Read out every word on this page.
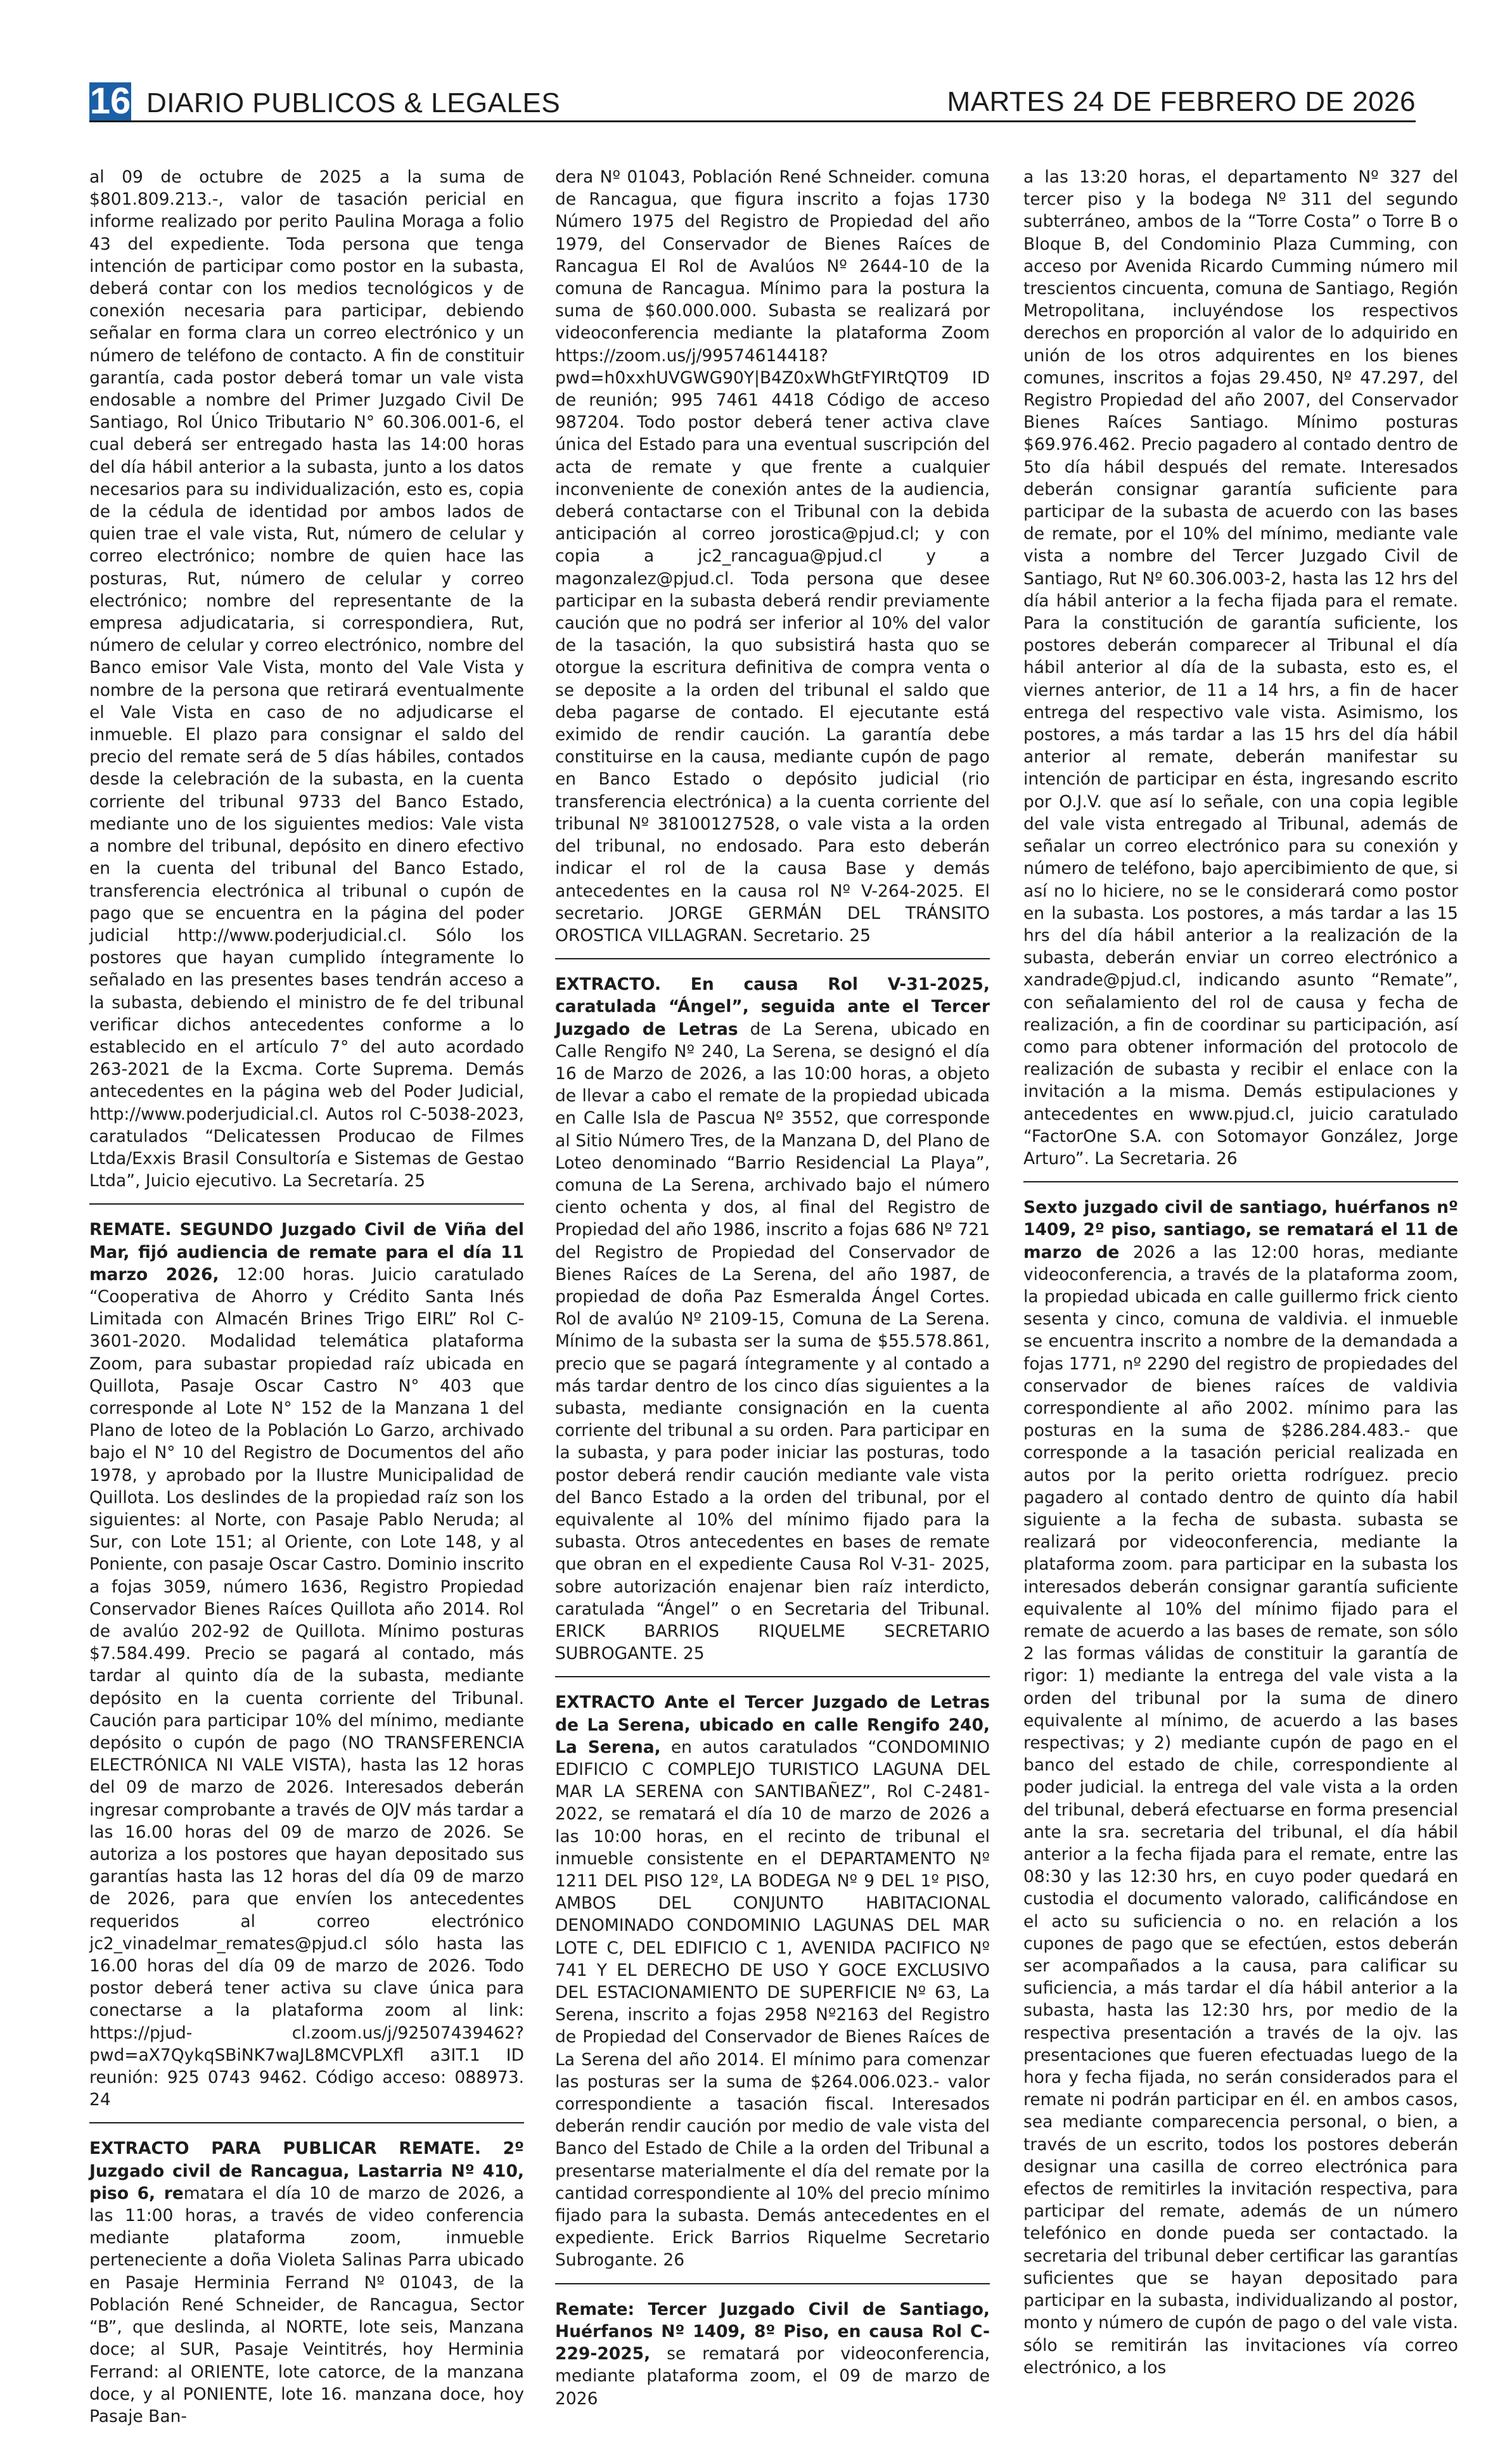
16 DIARIO PUBLICOS & LEGALES	MARTES 24 DE FEBRERO DE 2026

al 09 de octubre de 2025 a la suma de $801.809.213.-, valor de tasación pericial en informe realizado por perito Paulina Moraga a folio 43 del expediente. Toda persona que tenga intención de participar como postor en la subasta, deberá contar con los medios tecnológicos y de conexión necesaria para participar, debiendo señalar en forma clara un correo electrónico y un número de teléfono de contacto. A fin de constituir garantía, cada postor deberá tomar un vale vista endosable a nombre del Primer Juzgado Civil De Santiago, Rol Único Tributario N° 60.306.001-6, el cual deberá ser entregado hasta las 14:00 horas del día hábil anterior a la subasta, junto a los datos necesarios para su individualización, esto es, copia de la cédula de identidad por ambos lados de quien trae el vale vista, Rut, número de celular y correo electrónico; nombre de quien hace las posturas, Rut, número de celular y correo electrónico; nombre del representante de la empresa adjudicataria, si correspondiera, Rut, número de celular y correo electrónico, nombre del Banco emisor Vale Vista, monto del Vale Vista y nombre de la persona que retirará eventualmente el Vale Vista en caso de no adjudicarse el inmueble. El plazo para consignar el saldo del precio del remate será de 5 días hábiles, contados desde la celebración de la subasta, en la cuenta corriente del tribunal 9733 del Banco Estado, mediante uno de los siguientes medios: Vale vista a nombre del tribunal, depósito en dinero efectivo en la cuenta del tribunal del Banco Estado, transferencia electrónica al tribunal o cupón de pago que se encuentra en la página del poder judicial http://www.poderjudicial.cl. Sólo los postores que hayan cumplido íntegramente lo señalado en las presentes bases tendrán acceso a la subasta, debiendo el ministro de fe del tribunal verificar dichos antecedentes conforme a lo establecido en el artículo 7° del auto acordado 263-2021 de la Excma. Corte Suprema. Demás antecedentes en la página web del Poder Judicial, http://www.poderjudicial.cl. Autos rol C-5038-2023, caratulados “Delicatessen Producao de Filmes Ltda/Exxis Brasil Consultoría e Sistemas de Gestao Ltda”, Juicio ejecutivo. La Secretaría. 25

REMATE. SEGUNDO Juzgado Civil de Viña del Mar, fijó audiencia de remate para el día 11 marzo 2026, 12:00 horas. Juicio caratulado “Cooperativa de Ahorro y Crédito Santa Inés Limitada con Almacén Brines Trigo EIRL” Rol C-3601-2020. Modalidad telemática plataforma Zoom, para subastar propiedad raíz ubicada en Quillota, Pasaje Oscar Castro N° 403 que corresponde al Lote N° 152 de la Manzana 1 del Plano de loteo de la Población Lo Garzo, archivado bajo el N° 10 del Registro de Documentos del año 1978, y aprobado por la Ilustre Municipalidad de Quillota. Los deslindes de la propiedad raíz son los siguientes: al Norte, con Pasaje Pablo Neruda; al Sur, con Lote 151; al Oriente, con Lote 148, y al Poniente, con pasaje Oscar Castro. Dominio inscrito a fojas 3059, número 1636, Registro Propiedad Conservador Bienes Raíces Quillota año 2014. Rol de avalúo 202-92 de Quillota. Mínimo posturas $7.584.499. Precio se pagará al contado, más tardar al quinto día de la subasta, mediante depósito en la cuenta corriente del Tribunal. Caución para participar 10% del mínimo, mediante depósito o cupón de pago (NO TRANSFERENCIA ELECTRÓNICA NI VALE VISTA), hasta las 12 horas del 09 de marzo de 2026. Interesados deberán ingresar comprobante a través de OJV más tardar a las 16.00 horas del 09 de marzo de 2026. Se autoriza a los postores que hayan depositado sus garantías hasta las 12 horas del día 09 de marzo de 2026, para que envíen los antecedentes requeridos al correo electrónico jc2_vinadelmar_remates@pjud.cl sólo hasta las 16.00 horas del día 09 de marzo de 2026. Todo postor deberá tener activa su clave única para conectarse a la plataforma zoom al link: https://pjud- cl.zoom.us/j/92507439462?pwd=aX7QykqSBiNK7waJL8MCVPLXfl a3IT.1 ID reunión: 925 0743 9462. Código acceso: 088973. 24

EXTRACTO PARA PUBLICAR REMATE. 2º Juzgado civil de Rancagua, Lastarria Nº 410, piso 6, rematara el día 10 de marzo de 2026, a las 11:00 horas, a través de video conferencia mediante plataforma zoom, inmueble perteneciente a doña Violeta Salinas Parra ubicado en Pasaje Herminia Ferrand Nº 01043, de la Población René Schneider, de Rancagua, Sector “B”, que deslinda, al NORTE, lote seis, Manzana doce; al SUR, Pasaje Veintitrés, hoy Herminia Ferrand: al ORIENTE, lote catorce, de la manzana doce, y al PONIENTE, lote 16. manzana doce, hoy Pasaje Ban-

dera Nº 01043, Población René Schneider. comuna de Rancagua, que figura inscrito a fojas 1730 Número 1975 del Registro de Propiedad del año 1979, del Conservador de Bienes Raíces de Rancagua El Rol de Avalúos Nº 2644-10 de la comuna de Rancagua. Mínimo para la postura la suma de $60.000.000. Subasta se realizará por videoconferencia mediante la plataforma Zoom https://zoom.us/j/99574614418?pwd=h0xxhUVGWG90Y|B4Z0xWhGtFYIRtQT09 ID de reunión; 995 7461 4418 Código de acceso 987204. Todo postor deberá tener activa clave única del Estado para una eventual suscripción del acta de remate y que frente a cualquier inconveniente de conexión antes de la audiencia, deberá contactarse con el Tribunal con la debida anticipación al correo jorostica@pjud.cl; y con copia a jc2_rancagua@pjud.cl y a magonzalez@pjud.cl. Toda persona que desee participar en la subasta deberá rendir previamente caución que no podrá ser inferior al 10% del valor de la tasación, la quo subsistirá hasta quo se otorgue la escritura definitiva de compra venta o se deposite a la orden del tribunal el saldo que deba pagarse de contado. El ejecutante está eximido de rendir caución. La garantía debe constituirse en la causa, mediante cupón de pago en Banco Estado o depósito judicial (rio transferencia electrónica) a la cuenta corriente del tribunal Nº 38100127528, o vale vista a la orden del tribunal, no endosado. Para esto deberán indicar el rol de la causa Base y demás antecedentes en la causa rol Nº V-264-2025. El secretario. JORGE GERMÁN DEL TRÁNSITO OROSTICA VILLAGRAN. Secretario. 25

EXTRACTO. En causa Rol V-31-2025, caratulada “Ángel”, seguida ante el Tercer Juzgado de Letras de La Serena, ubicado en Calle Rengifo Nº 240, La Serena, se designó el día 16 de Marzo de 2026, a las 10:00 horas, a objeto de llevar a cabo el remate de la propiedad ubicada en Calle Isla de Pascua Nº 3552, que corresponde al Sitio Número Tres, de la Manzana D, del Plano de Loteo denominado “Barrio Residencial La Playa”, comuna de La Serena, archivado bajo el número ciento ochenta y dos, al final del Registro de Propiedad del año 1986, inscrito a fojas 686 Nº 721 del Registro de Propiedad del Conservador de Bienes Raíces de La Serena, del año 1987, de propiedad de doña Paz Esmeralda Ángel Cortes. Rol de avalúo Nº 2109-15, Comuna de La Serena. Mínimo de la subasta ser la suma de $55.578.861, precio que se pagará íntegramente y al contado a más tardar dentro de los cinco días siguientes a la subasta, mediante consignación en la cuenta corriente del tribunal a su orden. Para participar en la subasta, y para poder iniciar las posturas, todo postor deberá rendir caución mediante vale vista del Banco Estado a la orden del tribunal, por el equivalente al 10% del mínimo fijado para la subasta. Otros antecedentes en bases de remate que obran en el expediente Causa Rol V-31- 2025, sobre autorización enajenar bien raíz interdicto, caratulada “Ángel” o en Secretaria del Tribunal. ERICK BARRIOS RIQUELME SECRETARIO SUBROGANTE. 25

EXTRACTO Ante el Tercer Juzgado de Letras de La Serena, ubicado en calle Rengifo 240, La Serena, en autos caratulados “CONDOMINIO EDIFICIO C COMPLEJO TURISTICO LAGUNA DEL MAR LA SERENA con SANTIBAÑEZ”, Rol C-2481-2022, se rematará el día 10 de marzo de 2026 a las 10:00 horas, en el recinto de tribunal el inmueble consistente en el DEPARTAMENTO Nº 1211 DEL PISO 12º, LA BODEGA Nº 9 DEL 1º PISO, AMBOS DEL CONJUNTO HABITACIONAL DENOMINADO CONDOMINIO LAGUNAS DEL MAR LOTE C, DEL EDIFICIO C 1, AVENIDA PACIFICO Nº 741 Y EL DERECHO DE USO Y GOCE EXCLUSIVO DEL ESTACIONAMIENTO DE SUPERFICIE Nº 63, La Serena, inscrito a fojas 2958 Nº2163 del Registro de Propiedad del Conservador de Bienes Raíces de La Serena del año 2014. El mínimo para comenzar las posturas ser la suma de $264.006.023.- valor correspondiente a tasación fiscal. Interesados deberán rendir caución por medio de vale vista del Banco del Estado de Chile a la orden del Tribunal a presentarse materialmente el día del remate por la cantidad correspondiente al 10% del precio mínimo fijado para la subasta. Demás antecedentes en el expediente. Erick Barrios Riquelme Secretario Subrogante. 26

Remate: Tercer Juzgado Civil de Santiago, Huérfanos Nº 1409, 8º Piso, en causa Rol C-229-2025, se rematará por videoconferencia, mediante plataforma zoom, el 09 de marzo de 2026

a las 13:20 horas, el departamento Nº 327 del tercer piso y la bodega Nº 311 del segundo subterráneo, ambos de la “Torre Costa” o Torre B o Bloque B, del Condominio Plaza Cumming, con acceso por Avenida Ricardo Cumming número mil trescientos cincuenta, comuna de Santiago, Región Metropolitana, incluyéndose los respectivos derechos en proporción al valor de lo adquirido en unión de los otros adquirentes en los bienes comunes, inscritos a fojas 29.450, Nº 47.297, del Registro Propiedad del año 2007, del Conservador Bienes Raíces Santiago. Mínimo posturas $69.976.462. Precio pagadero al contado dentro de 5to día hábil después del remate. Interesados deberán consignar garantía suficiente para participar de la subasta de acuerdo con las bases de remate, por el 10% del mínimo, mediante vale vista a nombre del Tercer Juzgado Civil de Santiago, Rut Nº 60.306.003-2, hasta las 12 hrs del día hábil anterior a la fecha fijada para el remate. Para la constitución de garantía suficiente, los postores deberán comparecer al Tribunal el día hábil anterior al día de la subasta, esto es, el viernes anterior, de 11 a 14 hrs, a fin de hacer entrega del respectivo vale vista. Asimismo, los postores, a más tardar a las 15 hrs del día hábil anterior al remate, deberán manifestar su intención de participar en ésta, ingresando escrito por O.J.V. que así lo señale, con una copia legible del vale vista entregado al Tribunal, además de señalar un correo electrónico para su conexión y número de teléfono, bajo apercibimiento de que, si así no lo hiciere, no se le considerará como postor en la subasta. Los postores, a más tardar a las 15 hrs del día hábil anterior a la realización de la subasta, deberán enviar un correo electrónico a xandrade@pjud.cl, indicando asunto “Remate”, con señalamiento del rol de causa y fecha de realización, a fin de coordinar su participación, así como para obtener información del protocolo de realización de subasta y recibir el enlace con la invitación a la misma. Demás estipulaciones y antecedentes en www.pjud.cl, juicio caratulado “FactorOne S.A. con Sotomayor González, Jorge Arturo”. La Secretaria. 26

Sexto juzgado civil de santiago, huérfanos nº 1409, 2º piso, santiago, se rematará el 11 de marzo de 2026 a las 12:00 horas, mediante videoconferencia, a través de la plataforma zoom, la propiedad ubicada en calle guillermo frick ciento sesenta y cinco, comuna de valdivia. el inmueble se encuentra inscrito a nombre de la demandada a fojas 1771, nº 2290 del registro de propiedades del conservador de bienes raíces de valdivia correspondiente al año 2002. mínimo para las posturas en la suma de $286.284.483.- que corresponde a la tasación pericial realizada en autos por la perito orietta rodríguez. precio pagadero al contado dentro de quinto día habil siguiente a la fecha de subasta. subasta se realizará por videoconferencia, mediante la plataforma zoom. para participar en la subasta los interesados deberán consignar garantía suficiente equivalente al 10% del mínimo fijado para el remate de acuerdo a las bases de remate, son sólo 2 las formas válidas de constituir la garantía de rigor: 1) mediante la entrega del vale vista a la orden del tribunal por la suma de dinero equivalente al mínimo, de acuerdo a las bases respectivas; y 2) mediante cupón de pago en el banco del estado de chile, correspondiente al poder judicial. la entrega del vale vista a la orden del tribunal, deberá efectuarse en forma presencial ante la sra. secretaria del tribunal, el día hábil anterior a la fecha fijada para el remate, entre las 08:30 y las 12:30 hrs, en cuyo poder quedará en custodia el documento valorado, calificándose en el acto su suficiencia o no. en relación a los cupones de pago que se efectúen, estos deberán ser acompañados a la causa, para calificar su suficiencia, a más tardar el día hábil anterior a la subasta, hasta las 12:30 hrs, por medio de la respectiva presentación a través de la ojv. las presentaciones que fueren efectuadas luego de la hora y fecha fijada, no serán considerados para el remate ni podrán participar en él. en ambos casos, sea mediante comparecencia personal, o bien, a través de un escrito, todos los postores deberán designar una casilla de correo electrónica para efectos de remitirles la invitación respectiva, para participar del remate, además de un número telefónico en donde pueda ser contactado. la secretaria del tribunal deber certificar las garantías suficientes que se hayan depositado para participar en la subasta, individualizando al postor, monto y número de cupón de pago o del vale vista. sólo se remitirán las invitaciones vía correo electrónico, a los
